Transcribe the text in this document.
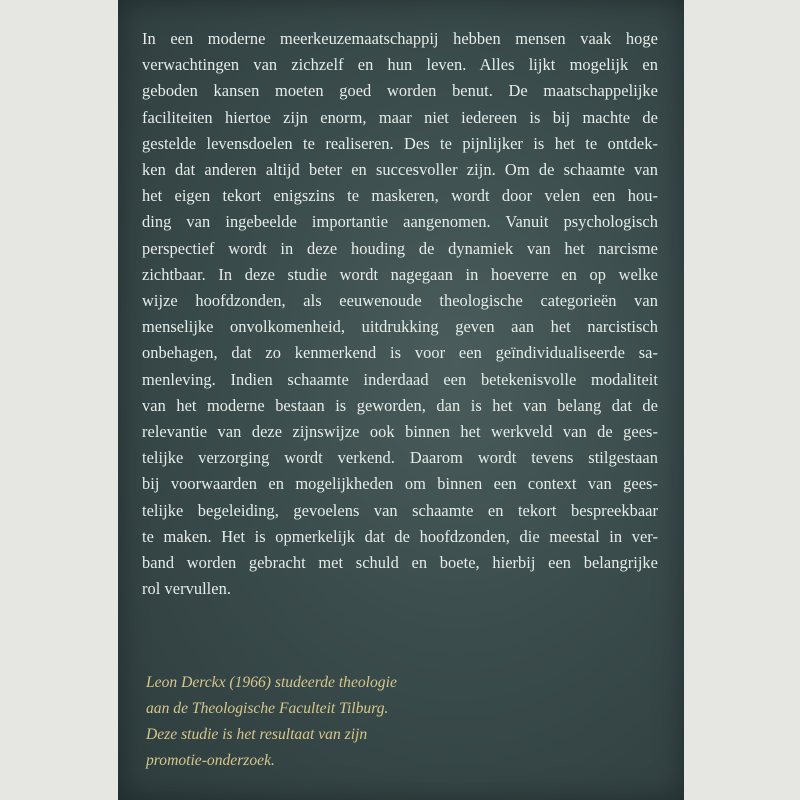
In een moderne meerkeuzemaatschappij hebben mensen vaak hoge
verwachtingen van zichzelf en hun leven. Alles lijkt mogelijk en
geboden kansen moeten goed worden benut. De maatschappelijke
faciliteiten hiertoe zijn enorm, maar niet iedereen is bij machte de
gestelde levensdoelen te realiseren. Des te pijnlijker is het te ontdek-
ken dat anderen altijd beter en succesvoller zijn. Om de schaamte van
het eigen tekort enigszins te maskeren, wordt door velen een hou-
ding van ingebeelde importantie aangenomen. Vanuit psychologisch
perspectief wordt in deze houding de dynamiek van het narcisme
zichtbaar. In deze studie wordt nagegaan in hoeverre en op welke
wijze hoofdzonden, als eeuwenoude theologische categorieën van
menselijke onvolkomenheid, uitdrukking geven aan het narcistisch
onbehagen, dat zo kenmerkend is voor een geïndividualiseerde sa-
menleving. Indien schaamte inderdaad een betekenisvolle modaliteit
van het moderne bestaan is geworden, dan is het van belang dat de
relevantie van deze zijnswijze ook binnen het werkveld van de gees-
telijke verzorging wordt verkend. Daarom wordt tevens stilgestaan
bij voorwaarden en mogelijkheden om binnen een context van gees-
telijke begeleiding, gevoelens van schaamte en tekort bespreekbaar
te maken. Het is opmerkelijk dat de hoofdzonden, die meestal in ver-
band worden gebracht met schuld en boete, hierbij een belangrijke
rol vervullen.

Leon Derckx (1966) studeerde theologie
aan de Theologische Faculteit Tilburg.
Deze studie is het resultaat van zijn
promotie-onderzoek.
